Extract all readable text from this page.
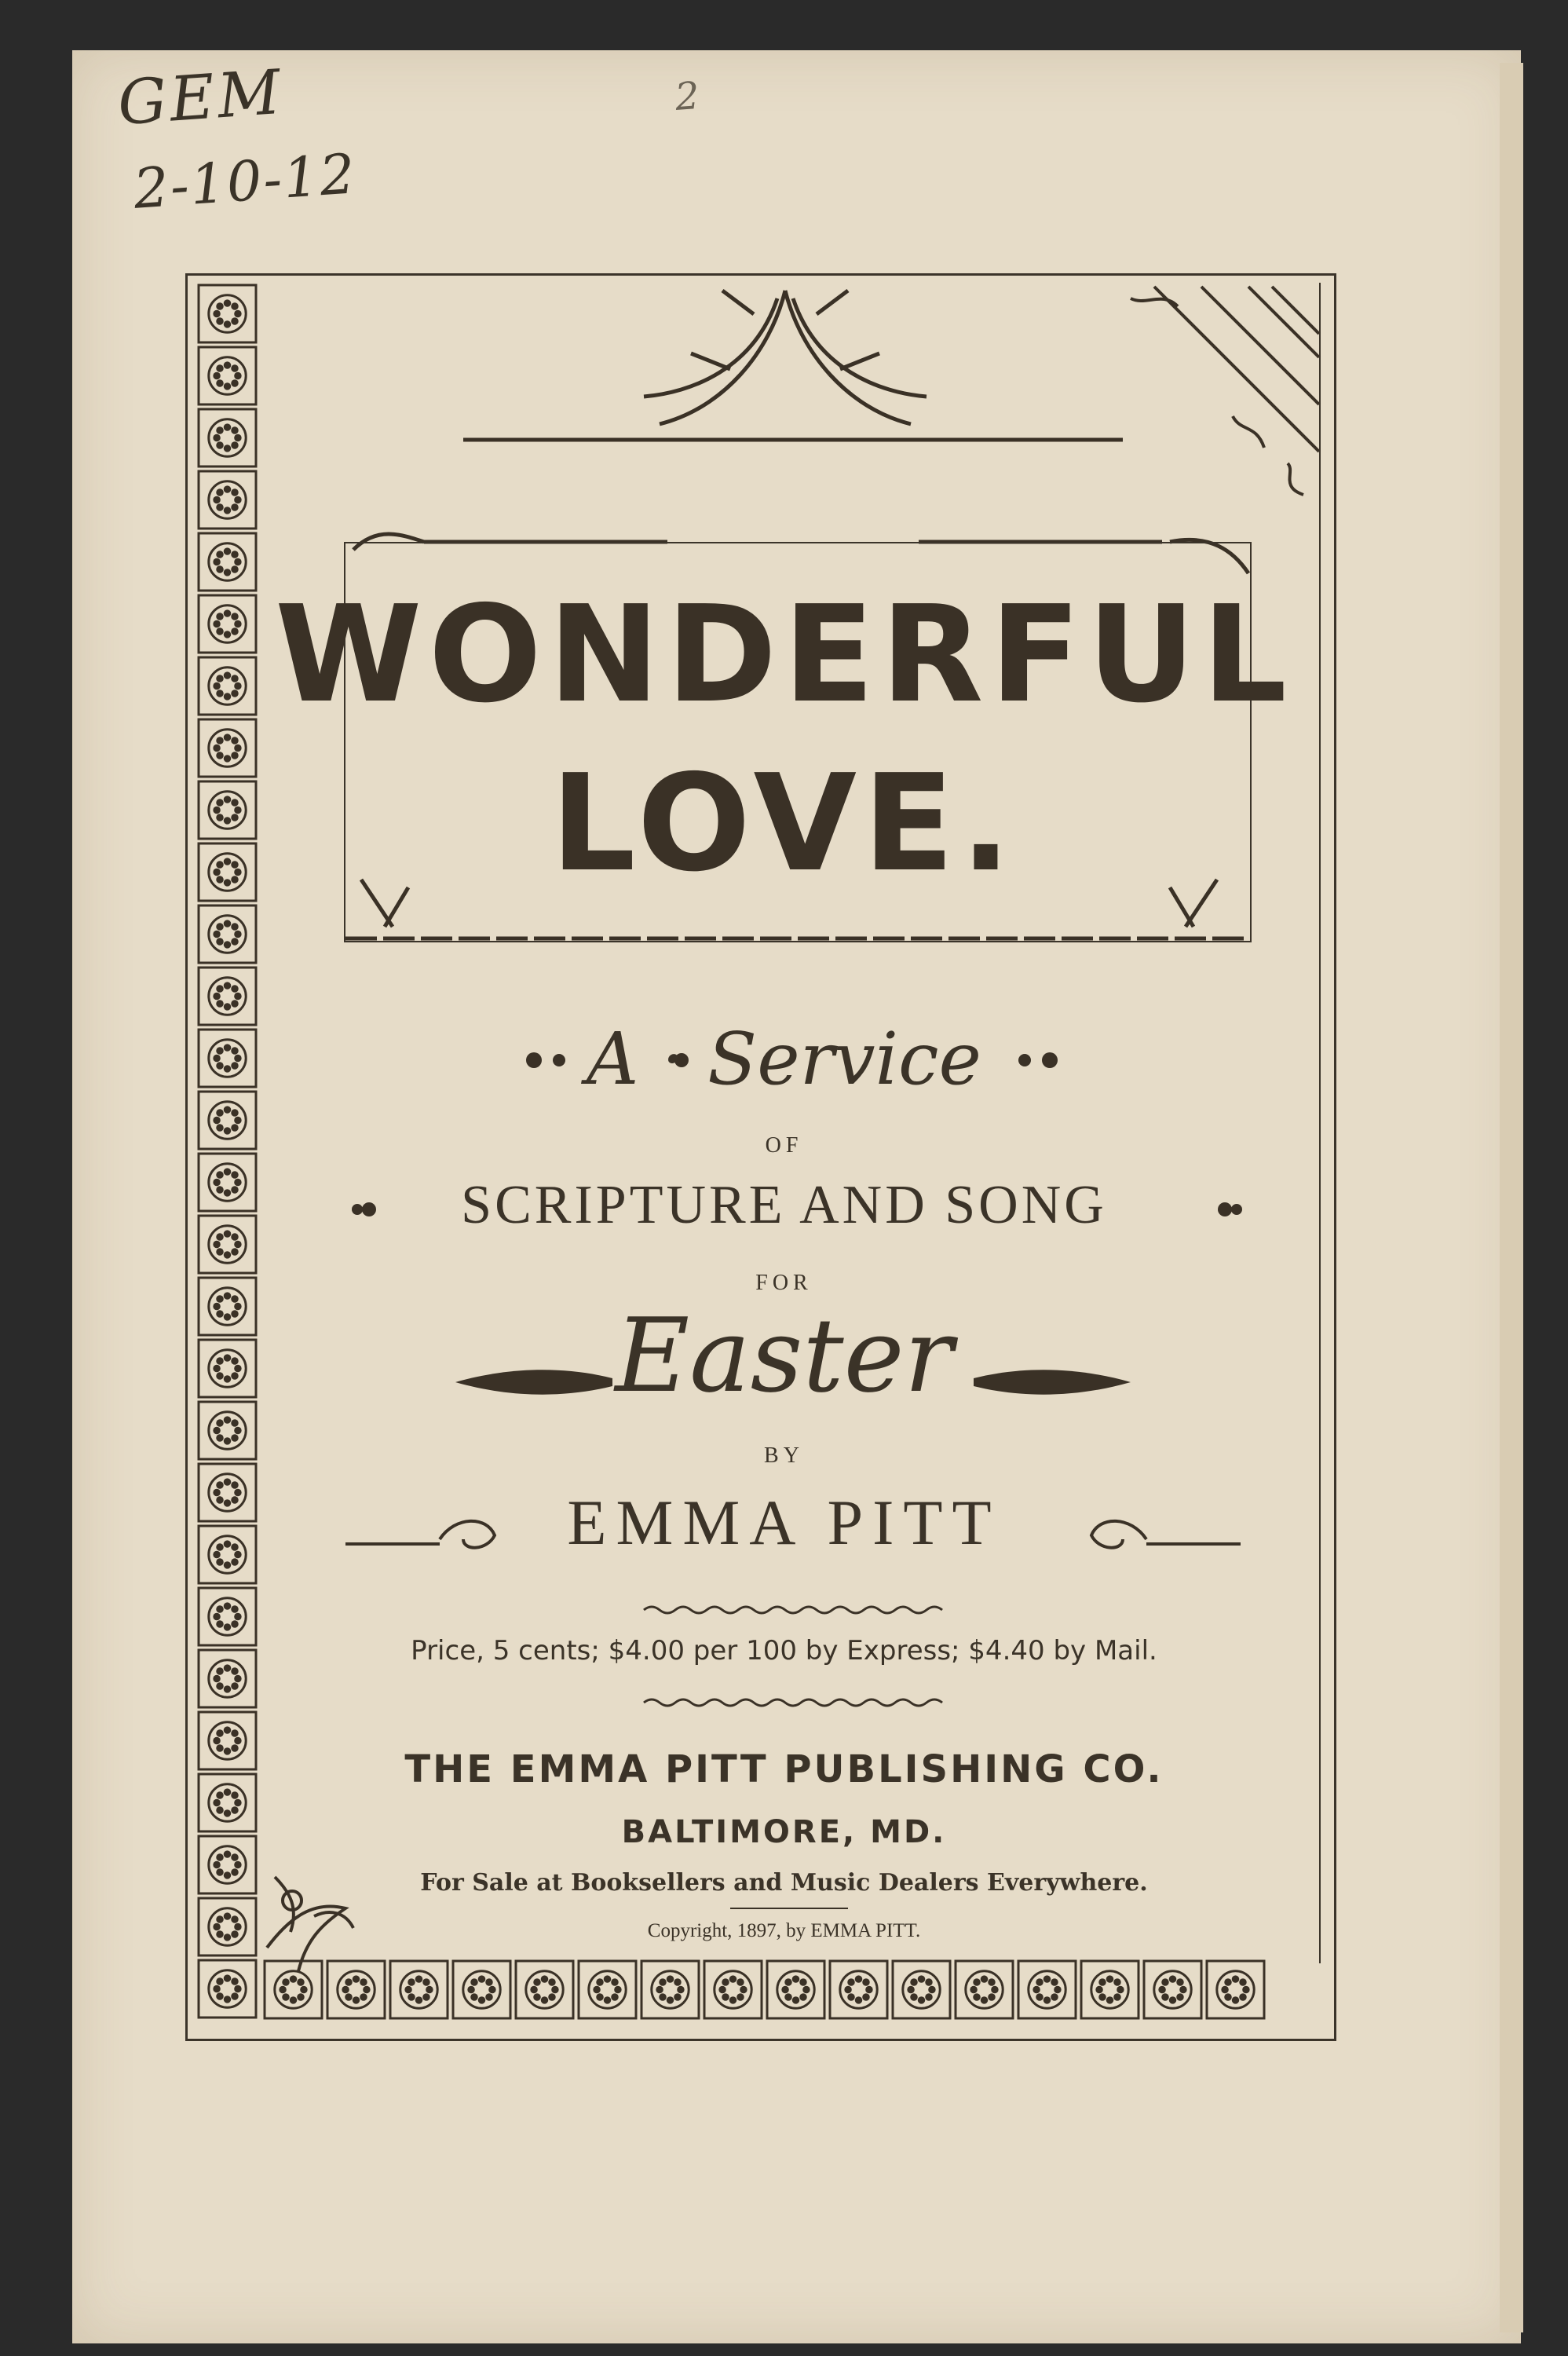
GEM
2-10-12
2
WONDERFUL
LOVE.
A · Service
OF
SCRIPTURE AND SONG
FOR
Easter
BY
EMMA PITT
Price, 5 cents; $4.00 per 100 by Express; $4.40 by Mail.
THE EMMA PITT PUBLISHING CO.
BALTIMORE, MD.
For Sale at Booksellers and Music Dealers Everywhere.
Copyright, 1897, by EMMA PITT.
